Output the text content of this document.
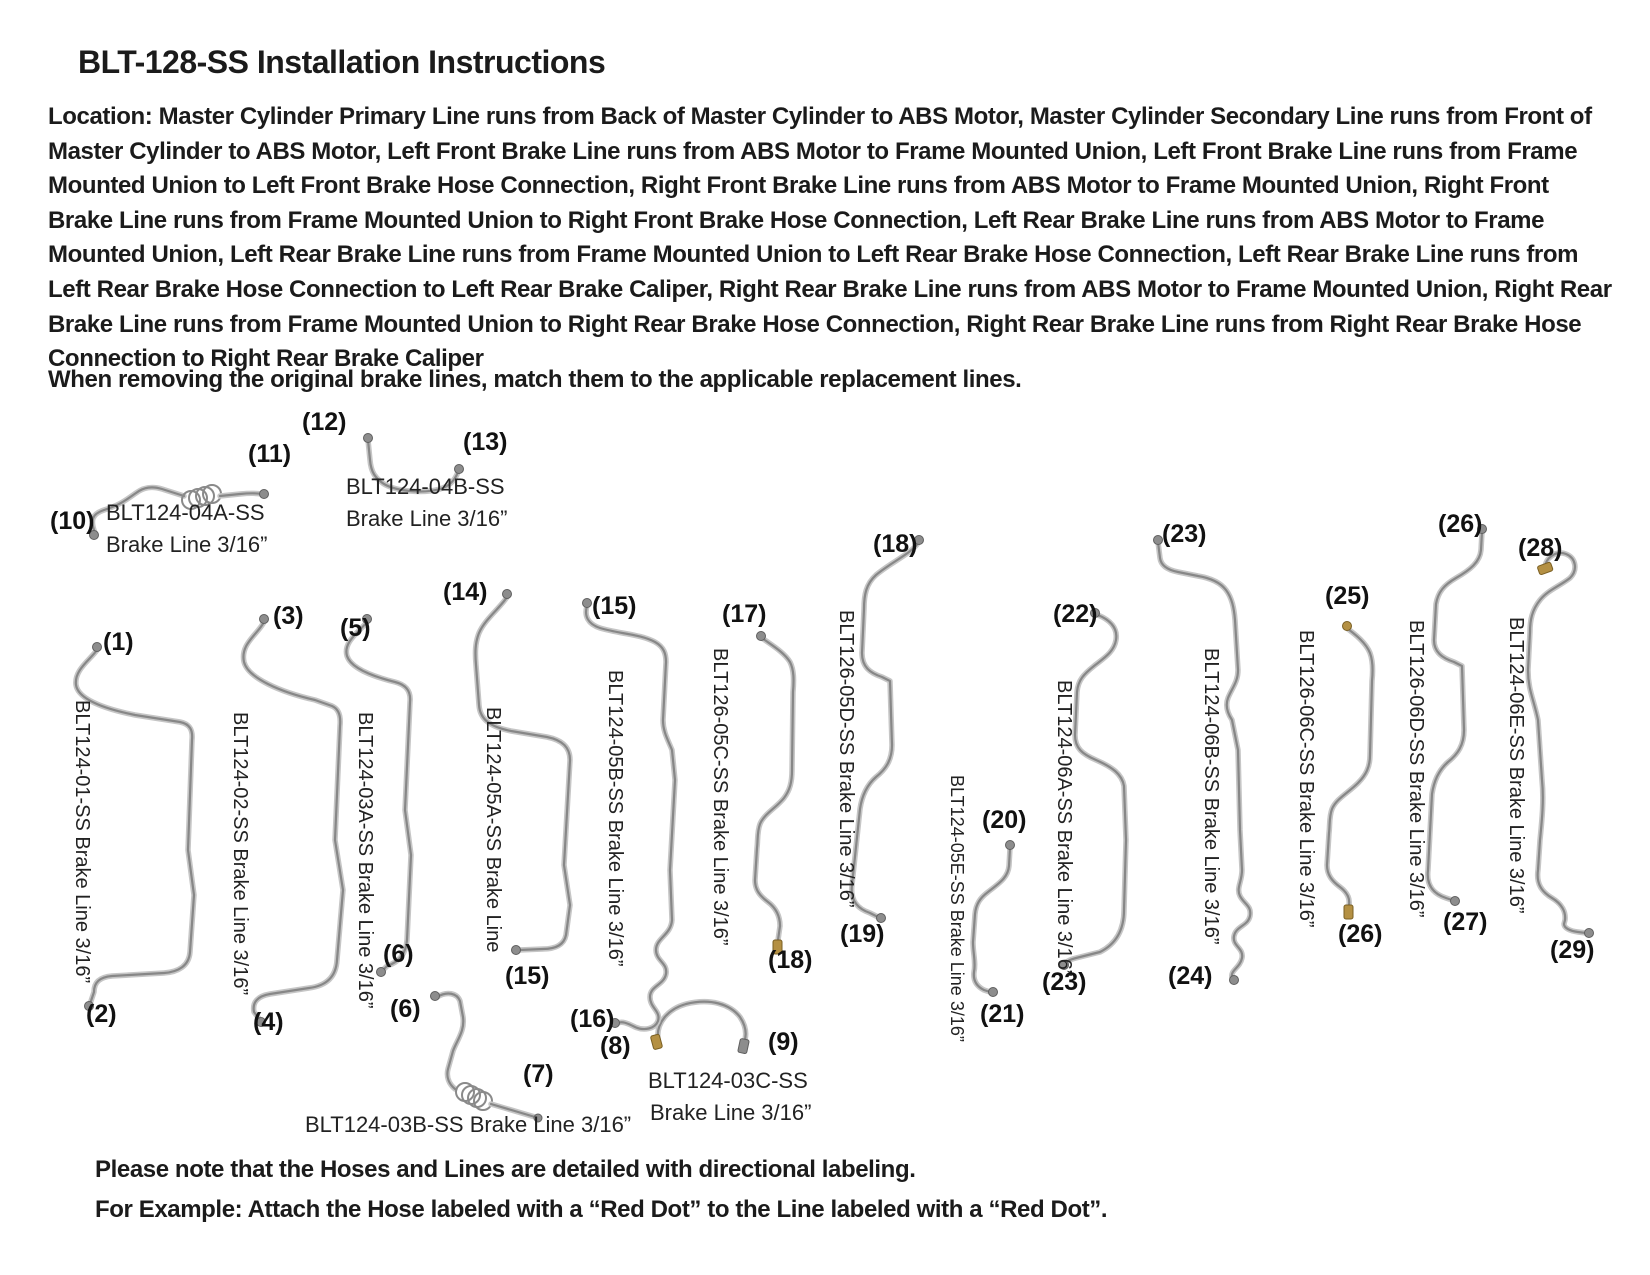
BLT-128-SS Installation Instructions
Location: Master Cylinder Primary Line runs from Back of Master Cylinder to ABS Motor, Master Cylinder Secondary Line runs from Front of Master Cylinder to ABS Motor, Left Front Brake Line runs from ABS Motor to Frame Mounted Union, Left Front Brake Line runs from Frame Mounted Union to Left Front Brake Hose Connection, Right Front Brake Line runs from ABS Motor to Frame Mounted Union, Right Front Brake Line runs from Frame Mounted Union to Right Front Brake Hose Connection, Left Rear Brake Line runs from ABS Motor to Frame Mounted Union, Left Rear Brake Line runs from Frame Mounted Union to Left Rear Brake Hose Connection, Left Rear Brake Line runs from Left Rear Brake Hose Connection to Left Rear Brake Caliper, Right Rear Brake Line runs from ABS Motor to Frame Mounted Union, Right Rear Brake Line runs from Frame Mounted Union to Right Rear Brake Hose Connection, Right Rear Brake Line runs from Right Rear Brake Hose Connection to Right Rear Brake Caliper
When removing the original brake lines, match them to the applicable replacement lines.
(10)
(11)
BLT124-04A-SS
Brake Line 3/16”
(12)
(13)
BLT124-04B-SS
Brake Line 3/16”
(1)
(2)
BLT124-01-SS Brake Line 3/16”
(3)
(4)
BLT124-02-SS Brake Line 3/16”
(5)
(6)
BLT124-03A-SS Brake Line 3/16”
(6)
(7)
BLT124-03B-SS Brake Line 3/16”
(8)	(9)
BLT124-03C-SS
Brake Line 3/16”
(14)
(15)
BLT124-05A-SS Brake Line
(15)
(16)
BLT124-05B-SS Brake Line 3/16”
(17)
(18)
BLT126-05C-SS Brake Line 3/16”
(18)
(19)
BLT126-05D-SS Brake Line 3/16”	(20)
(21)
BLT124-05E-SS Brake Line 3/16”
(22)
(23)
BLT124-06A-SS Brake Line 3/16”
(23)
(24)
BLT124-06B-SS Brake Line 3/16”
(25)
(26)
BLT126-06C-SS Brake Line 3/16”
(26)
(27)
BLT126-06D-SS Brake Line 3/16”
(28)
(29)
BLT124-06E-SS Brake Line 3/16”
Please note that the Hoses and Lines are detailed with directional labeling.
For Example: Attach the Hose labeled with a “Red Dot” to the Line labeled with a “Red Dot”.
